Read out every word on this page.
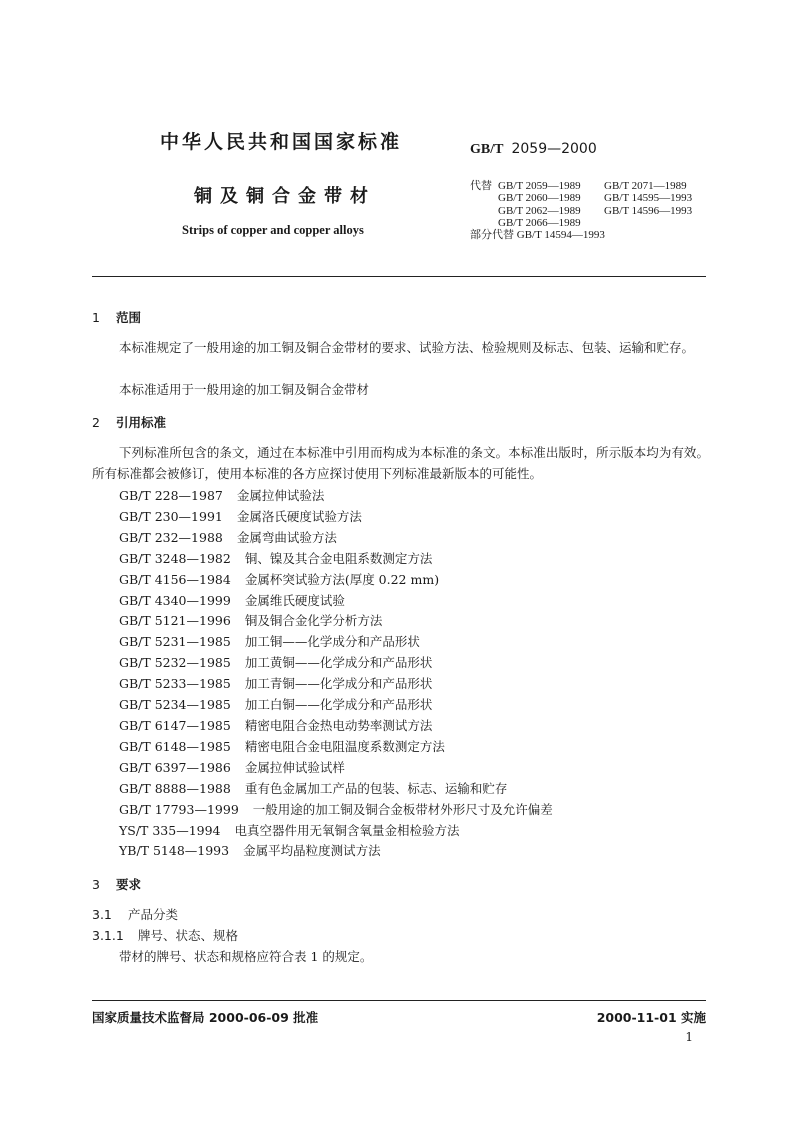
中华人民共和国国家标准	GB/T 2059—2000
铜及铜合金带材
Strips of copper and copper alloys
代替 GB/T 2059—1989 GB/T 2071—1989
GB/T 2060—1989 GB/T 14595—1993
GB/T 2062—1989 GB/T 14596—1993
GB/T 2066—1989
部分代替 GB/T 14594—1993
1 范围
本标准规定了一般用途的加工铜及铜合金带材的要求、试验方法、检验规则及标志、包装、运输和贮存。
本标准适用于一般用途的加工铜及铜合金带材
2 引用标准
下列标准所包含的条文，通过在本标准中引用而构成为本标准的条文。本标准出版时，所示版本均为有效。所有标准都会被修订，使用本标准的各方应探讨使用下列标准最新版本的可能性。
GB/T 228—1987 金属拉伸试验法
GB/T 230—1991 金属洛氏硬度试验方法
GB/T 232—1988 金属弯曲试验方法
GB/T 3248—1982 铜、镍及其合金电阻系数测定方法
GB/T 4156—1984 金属杯突试验方法(厚度 0.22 mm)
GB/T 4340—1999 金属维氏硬度试验
GB/T 5121—1996 铜及铜合金化学分析方法
GB/T 5231—1985 加工铜——化学成分和产品形状
GB/T 5232—1985 加工黄铜——化学成分和产品形状
GB/T 5233—1985 加工青铜——化学成分和产品形状
GB/T 5234—1985 加工白铜——化学成分和产品形状
GB/T 6147—1985 精密电阻合金热电动势率测试方法
GB/T 6148—1985 精密电阻合金电阻温度系数测定方法
GB/T 6397—1986 金属拉伸试验试样
GB/T 8888—1988 重有色金属加工产品的包装、标志、运输和贮存
GB/T 17793—1999 一般用途的加工铜及铜合金板带材外形尺寸及允许偏差
YS/T 335—1994 电真空器件用无氧铜含氧量金相检验方法
YB/T 5148—1993 金属平均晶粒度测试方法
3 要求
3.1 产品分类
3.1.1 牌号、状态、规格
带材的牌号、状态和规格应符合表 1 的规定。
国家质量技术监督局 2000-06-09 批准	2000-11-01 实施
1
